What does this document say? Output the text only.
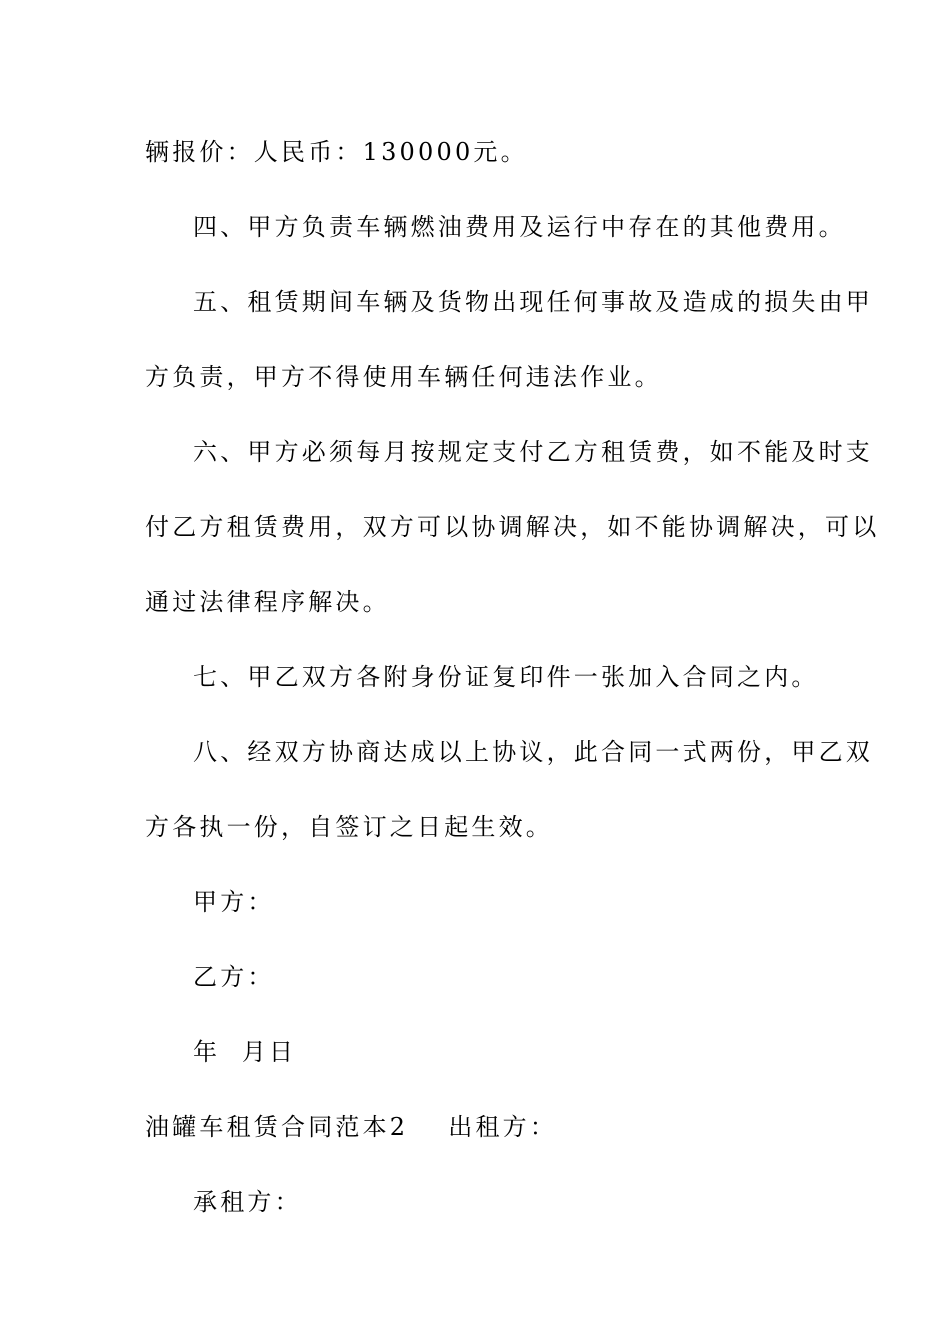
辆报价：人民币：130000元。
四、甲方负责车辆燃油费用及运行中存在的其他费用。
五、租赁期间车辆及货物出现任何事故及造成的损失由甲
方负责，甲方不得使用车辆任何违法作业。
六、甲方必须每月按规定支付乙方租赁费，如不能及时支
付乙方租赁费用，双方可以协调解决，如不能协调解决，可以
通过法律程序解决。
七、甲乙双方各附身份证复印件一张加入合同之内。
八、经双方协商达成以上协议，此合同一式两份，甲乙双
方各执一份，自签订之日起生效。
甲方：
乙方：
年  月日
油罐车租赁合同范本2 出租方：
承租方：
